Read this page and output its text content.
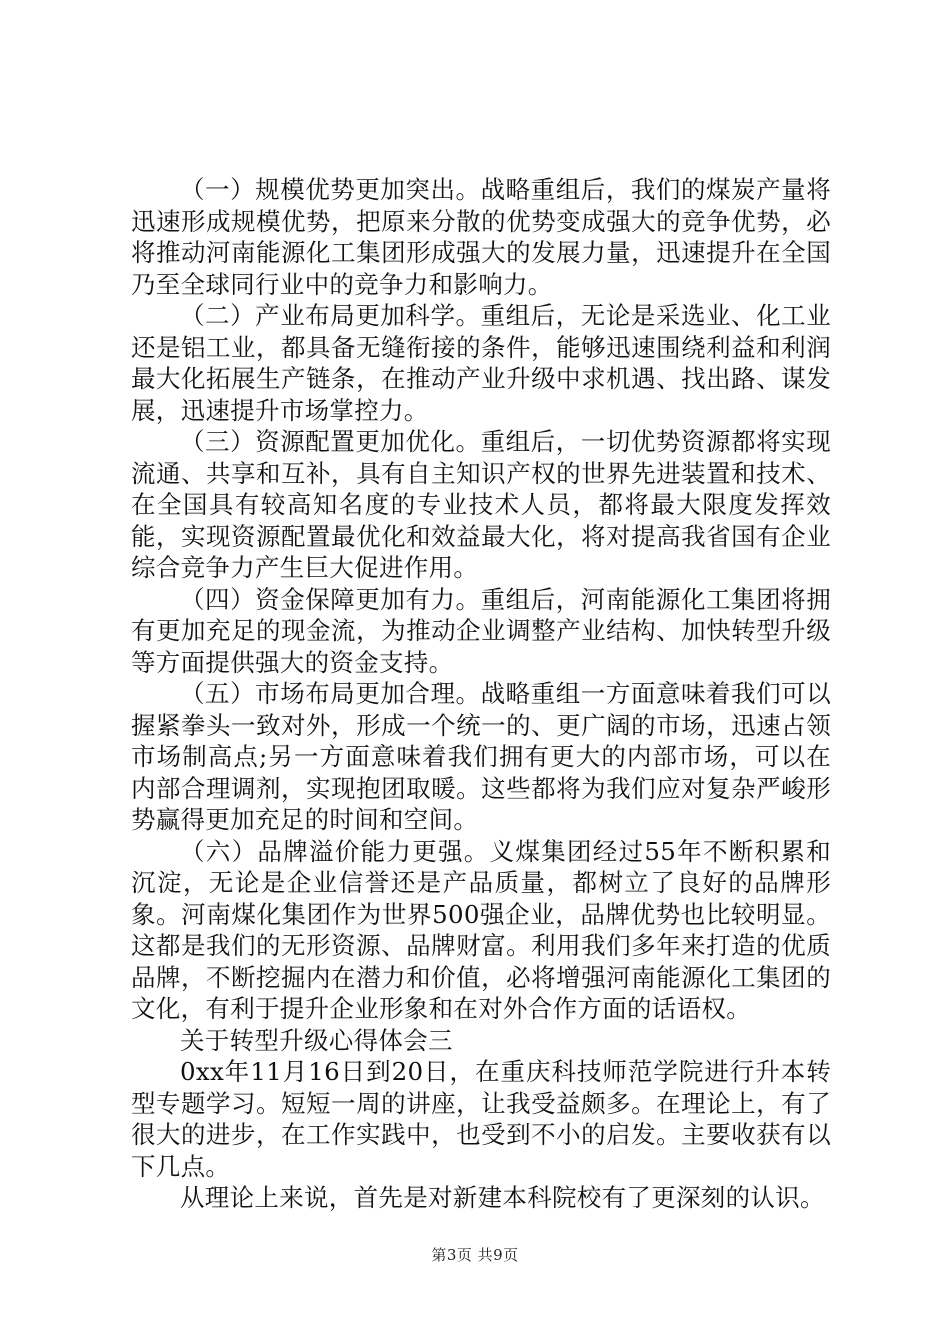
（一）规模优势更加突出。战略重组后，我们的煤炭产量将迅速形成规模优势，把原来分散的优势变成强大的竞争优势，必将推动河南能源化工集团形成强大的发展力量，迅速提升在全国乃至全球同行业中的竞争力和影响力。

（二）产业布局更加科学。重组后，无论是采选业、化工业还是铝工业，都具备无缝衔接的条件，能够迅速围绕利益和利润最大化拓展生产链条，在推动产业升级中求机遇、找出路、谋发展，迅速提升市场掌控力。

（三）资源配置更加优化。重组后，一切优势资源都将实现流通、共享和互补，具有自主知识产权的世界先进装置和技术、在全国具有较高知名度的专业技术人员，都将最大限度发挥效能，实现资源配置最优化和效益最大化，将对提高我省国有企业综合竞争力产生巨大促进作用。

（四）资金保障更加有力。重组后，河南能源化工集团将拥有更加充足的现金流，为推动企业调整产业结构、加快转型升级等方面提供强大的资金支持。

（五）市场布局更加合理。战略重组一方面意味着我们可以握紧拳头一致对外，形成一个统一的、更广阔的市场，迅速占领市场制高点;另一方面意味着我们拥有更大的内部市场，可以在内部合理调剂，实现抱团取暖。这些都将为我们应对复杂严峻形势赢得更加充足的时间和空间。

（六）品牌溢价能力更强。义煤集团经过55年不断积累和沉淀，无论是企业信誉还是产品质量，都树立了良好的品牌形象。河南煤化集团作为世界500强企业，品牌优势也比较明显。这都是我们的无形资源、品牌财富。利用我们多年来打造的优质品牌，不断挖掘内在潜力和价值，必将增强河南能源化工集团的文化，有利于提升企业形象和在对外合作方面的话语权。

关于转型升级心得体会三

0xx年11月16日到20日，在重庆科技师范学院进行升本转型专题学习。短短一周的讲座，让我受益颇多。在理论上，有了很大的进步，在工作实践中，也受到不小的启发。主要收获有以下几点。

从理论上来说，首先是对新建本科院校有了更深刻的认识。

第3页 共9页
